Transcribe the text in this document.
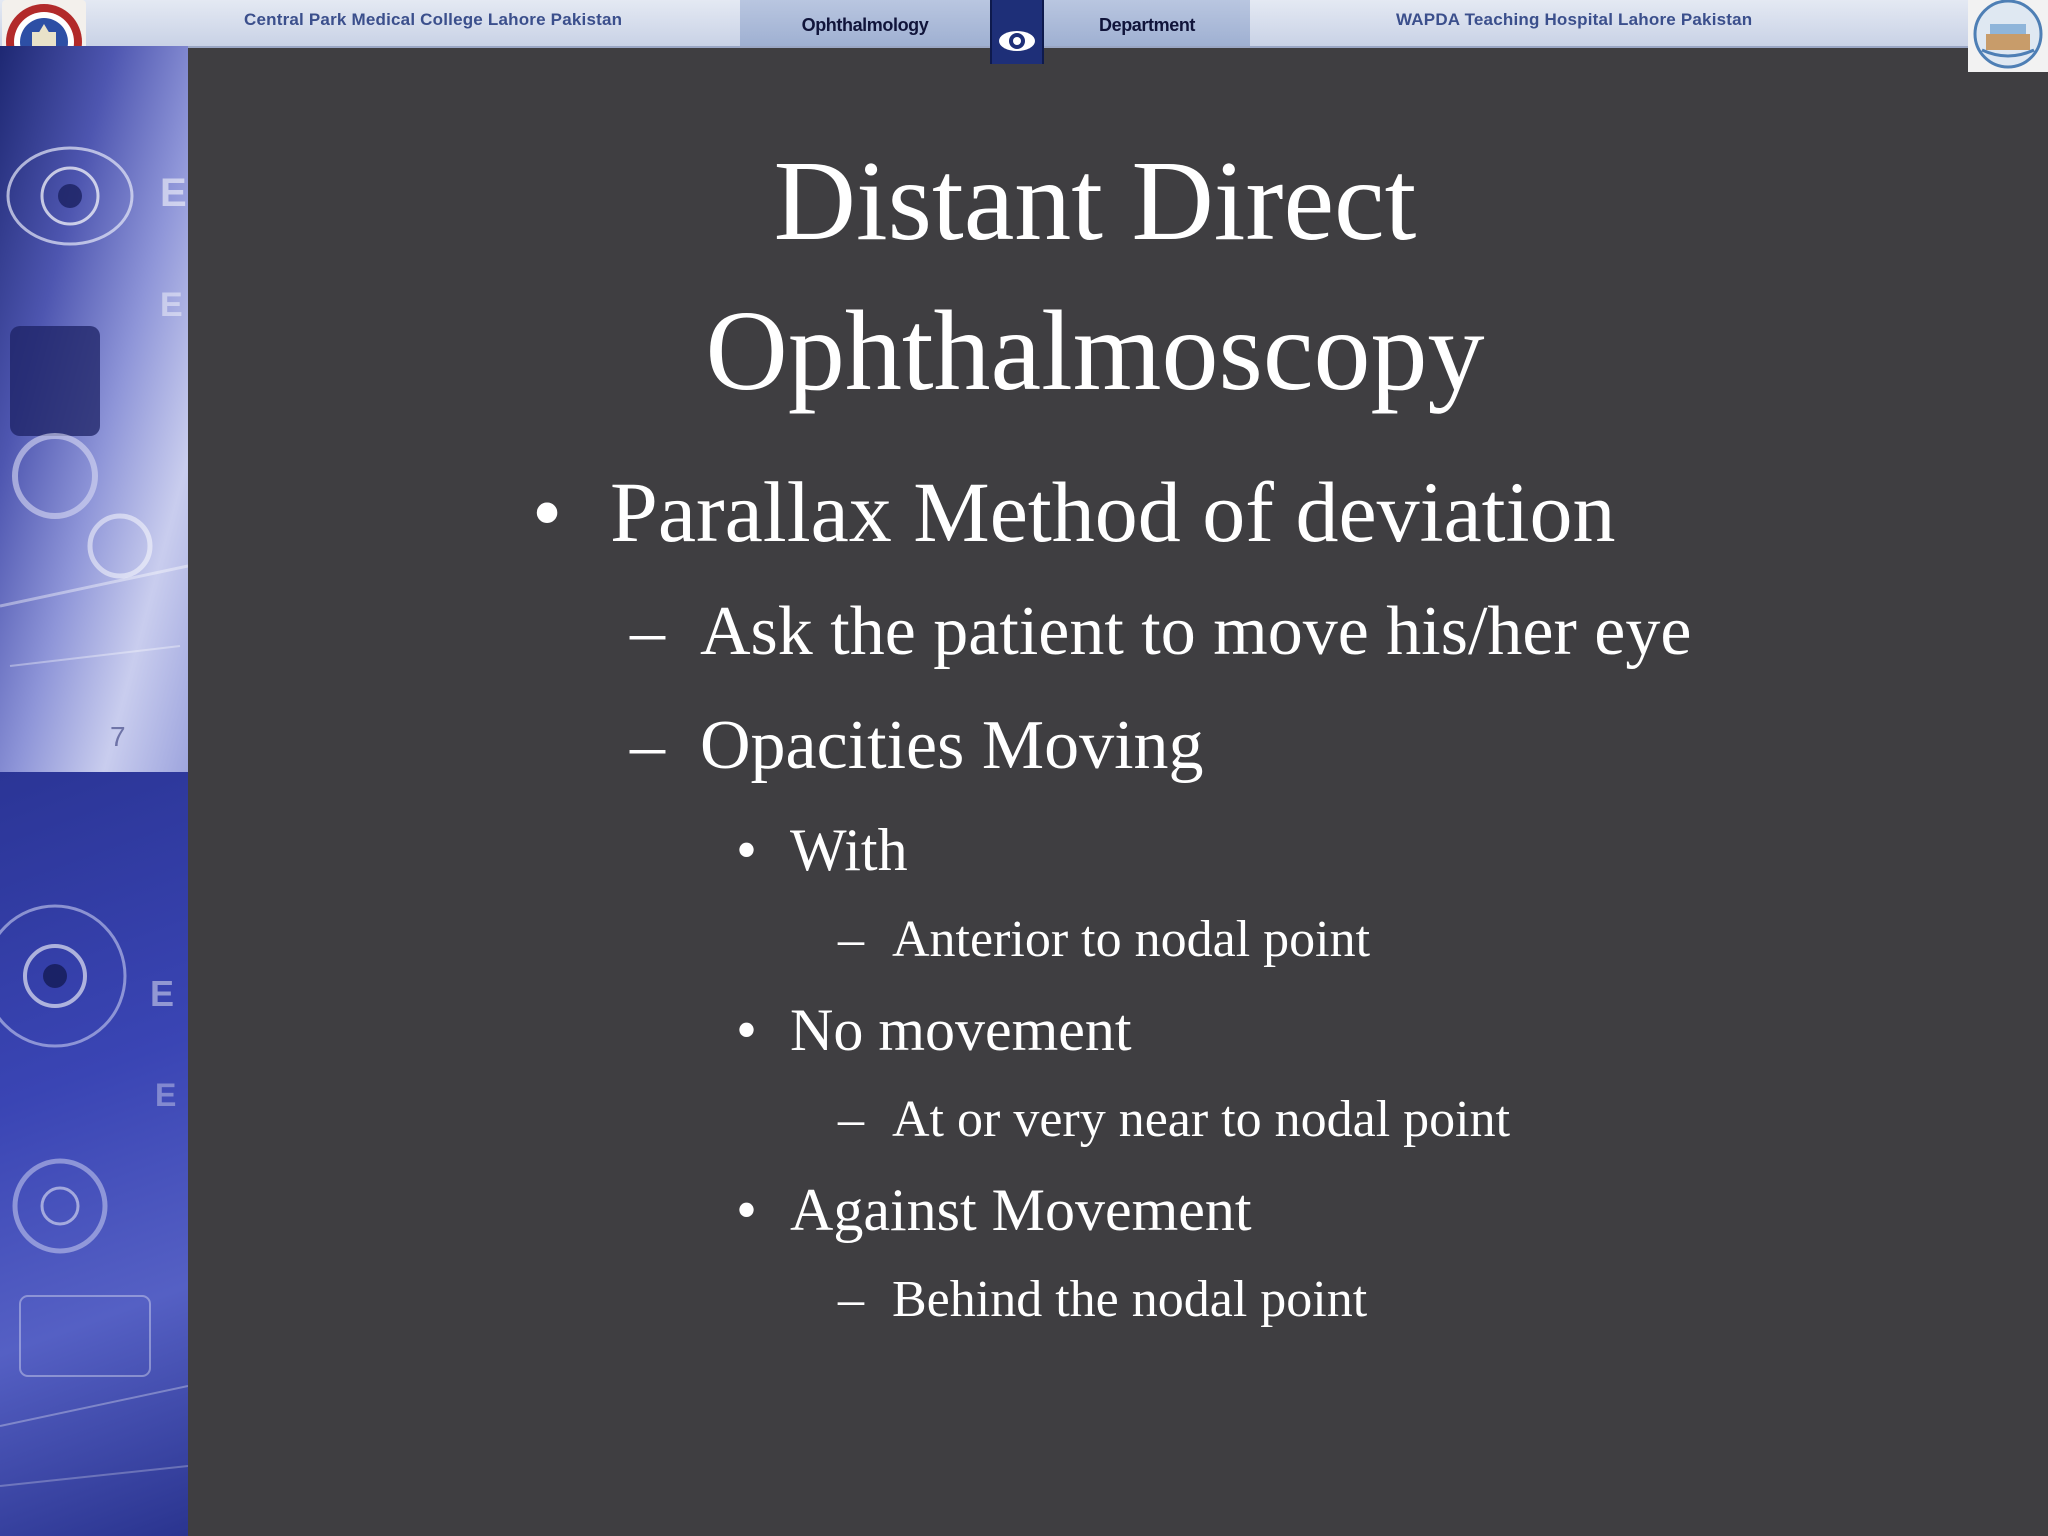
Central Park Medical College Lahore Pakistan	Ophthalmology	Department	WAPDA Teaching Hospital Lahore Pakistan
E
E
7
E
E
Distant Direct
Ophthalmoscopy
• Parallax Method of deviation
– Ask the patient to move his/her eye
– Opacities Moving
• With
– Anterior to nodal point
• No movement
– At or very near to nodal point
• Against Movement
– Behind the nodal point
